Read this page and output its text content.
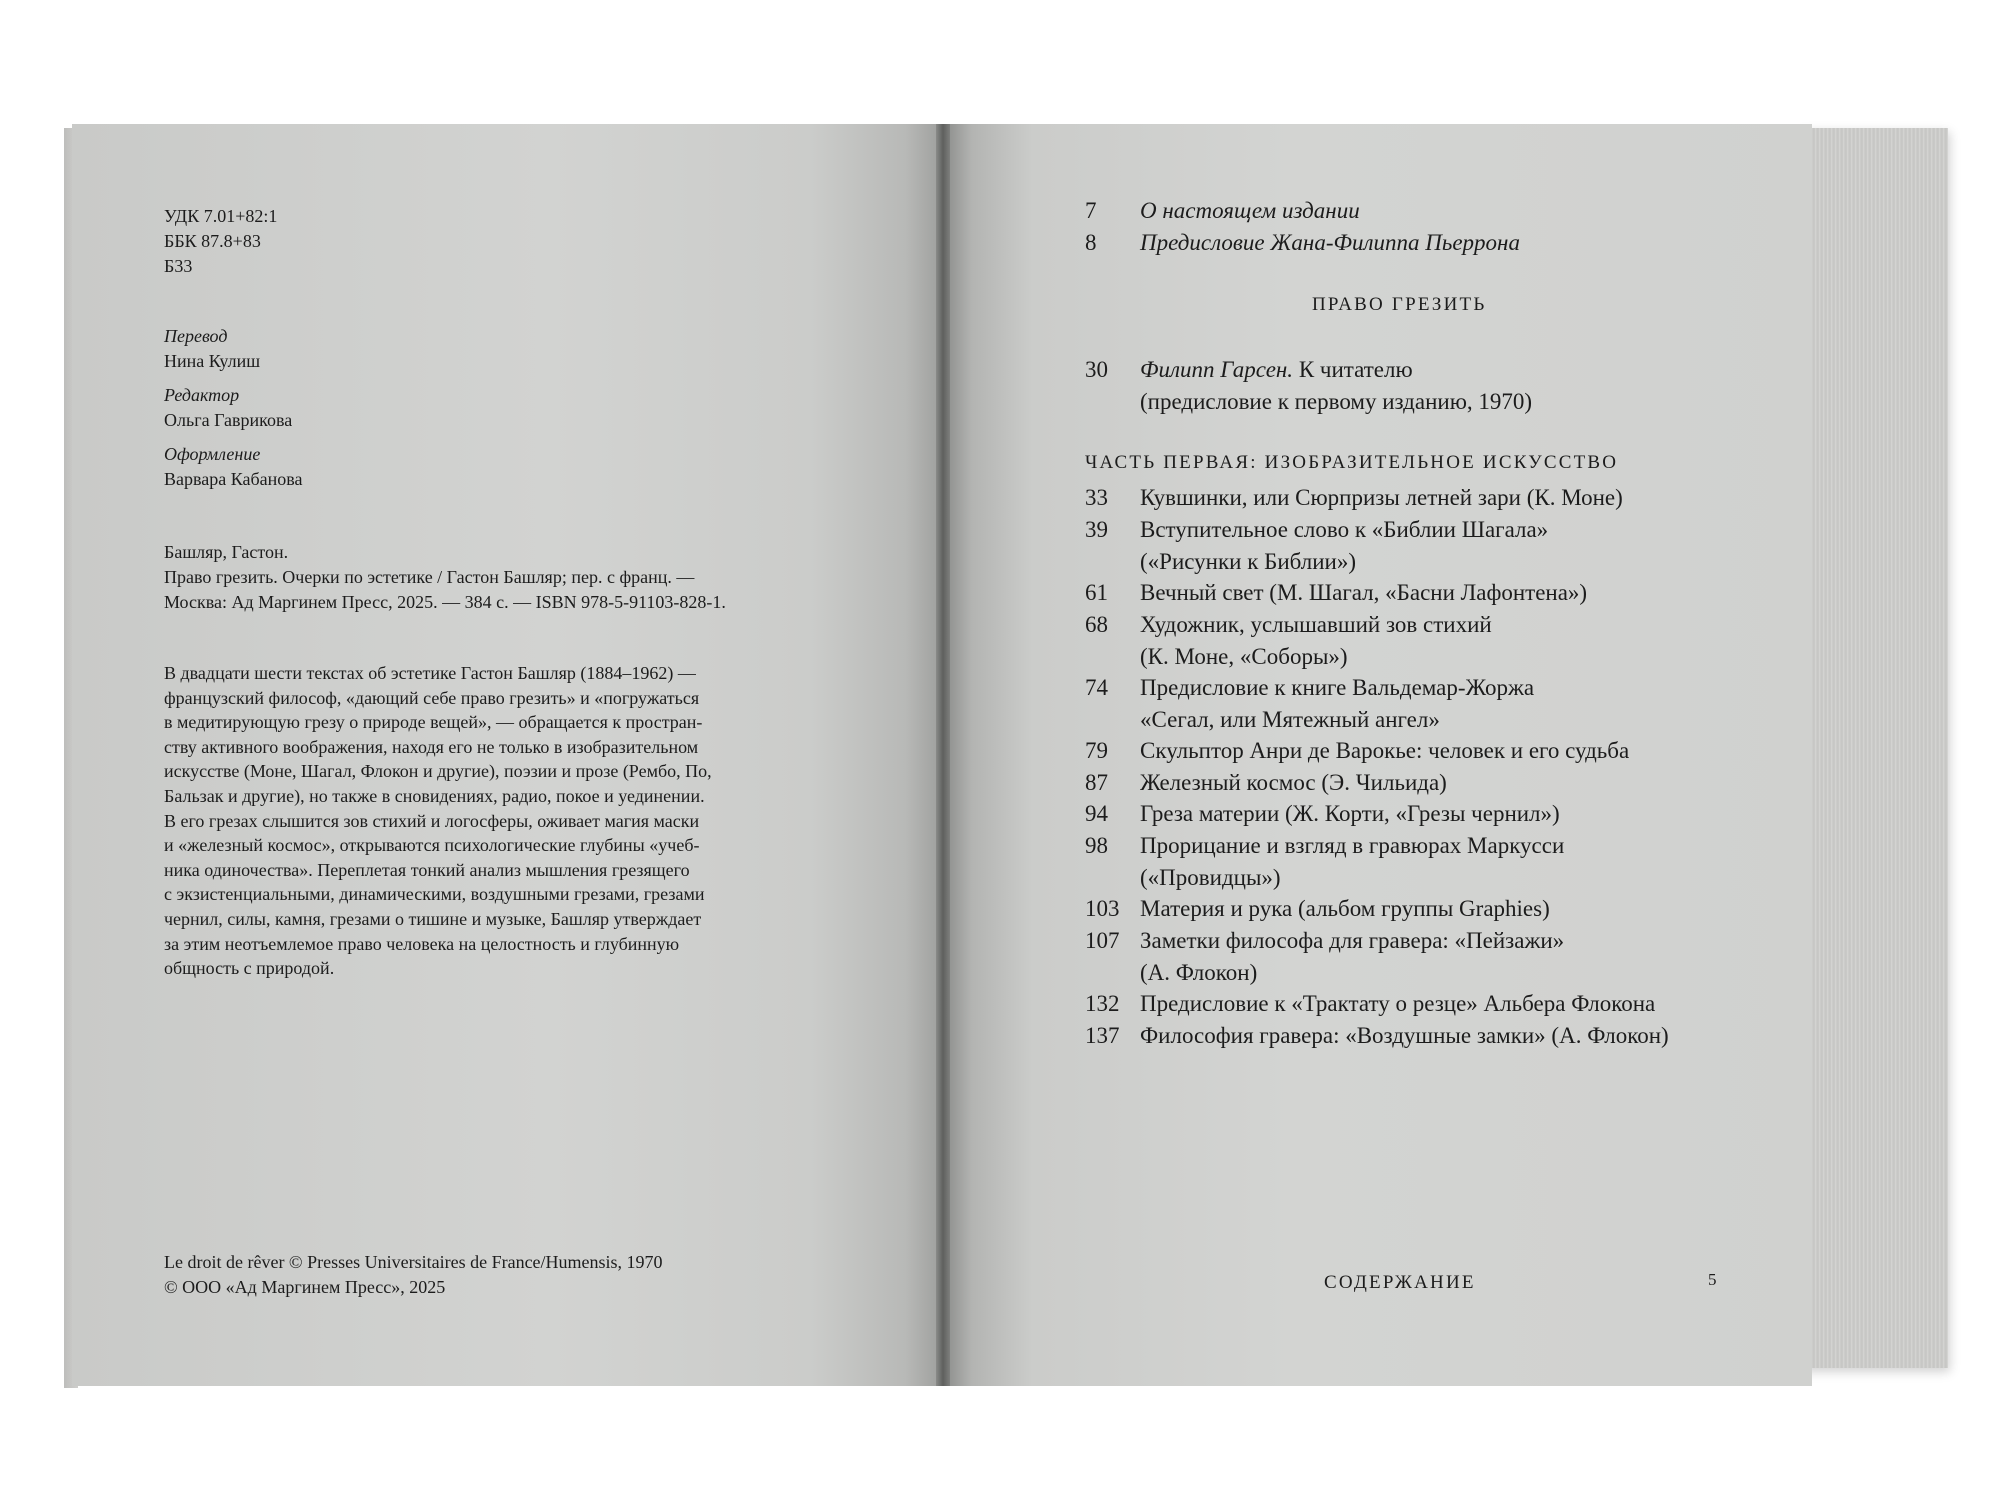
УДК 7.01+82:1
ББК 87.8+83
Б33
Перевод
Нина Кулиш
Редактор
Ольга Гаврикова
Оформление
Варвара Кабанова
Башляр, Гастон.
Право грезить. Очерки по эстетике / Гастон Башляр; пер. с франц. —
Москва: Ад Маргинем Пресс, 2025. — 384 с. — ISBN 978-5-91103-828-1.
В двадцати шести текстах об эстетике Гастон Башляр (1884–1962) —
французский философ, «дающий себе право грезить» и «погружаться
в медитирующую грезу о природе вещей», — обращается к простран-
ству активного воображения, находя его не только в изобразительном
искусстве (Моне, Шагал, Флокон и другие), поэзии и прозе (Рембо, По,
Бальзак и другие), но также в сновидениях, радио, покое и уединении.
В его грезах слышится зов стихий и логосферы, оживает магия маски
и «железный космос», открываются психологические глубины «учеб-
ника одиночества». Переплетая тонкий анализ мышления грезящего
с экзистенциальными, динамическими, воздушными грезами, грезами
чернил, силы, камня, грезами о тишине и музыке, Башляр утверждает
за этим неотъемлемое право человека на целостность и глубинную
общность с природой.
Le droit de rêver © Presses Universitaires de France/Humensis, 1970
© ООО «Ад Маргинем Пресс», 2025
7 О настоящем издании
8 Предисловие Жана-Филиппа Пьеррона
ПРАВО ГРЕЗИТЬ
30 Филипп Гарсен. К читателю
(предисловие к первому изданию, 1970)
ЧАСТЬ ПЕРВАЯ: ИЗОБРАЗИТЕЛЬНОЕ ИСКУССТВО
33 Кувшинки, или Сюрпризы летней зари (К. Моне)
39 Вступительное слово к «Библии Шагала»
(«Рисунки к Библии»)
61 Вечный свет (М. Шагал, «Басни Лафонтена»)
68 Художник, услышавший зов стихий
(К. Моне, «Соборы»)
74 Предисловие к книге Вальдемар-Жоржа
«Сегал, или Мятежный ангел»
79 Скульптор Анри де Варокье: человек и его судьба
87 Железный космос (Э. Чильида)
94 Греза материи (Ж. Корти, «Грезы чернил»)
98 Прорицание и взгляд в гравюрах Маркусси
(«Провидцы»)
103 Материя и рука (альбом группы Graphies)
107 Заметки философа для гравера: «Пейзажи»
(А. Флокон)
132 Предисловие к «Трактату о резце» Альбера Флокона
137 Философия гравера: «Воздушные замки» (А. Флокон)
СОДЕРЖАНИЕ	5
